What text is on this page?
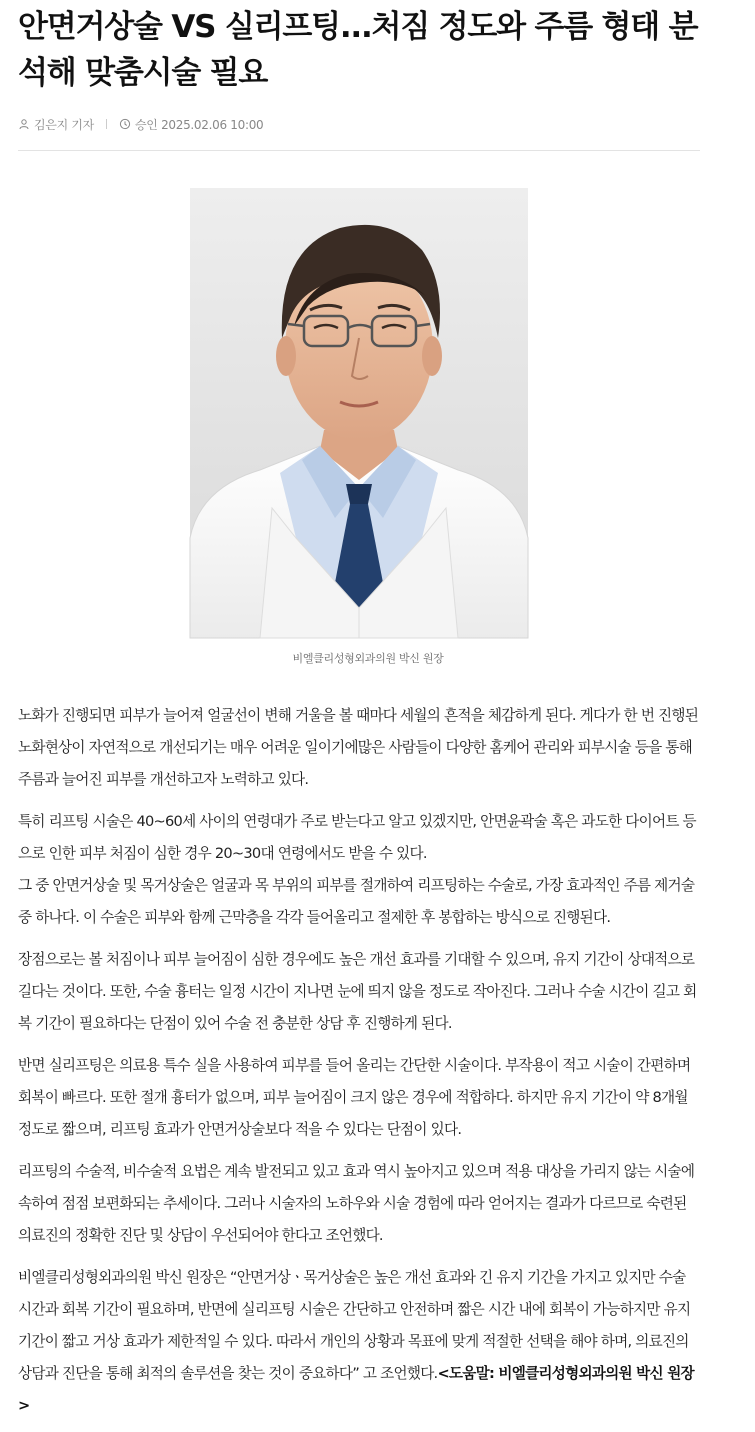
안면거상술 VS 실리프팅...처짐 정도와 주름 형태 분석해 맞춤시술 필요
김은지 기자	승인 2025.02.06 10:00
비엘클리성형외과의원 박신 원장

노화가 진행되면 피부가 늘어져 얼굴선이 변해 거울을 볼 때마다 세월의 흔적을 체감하게 된다. 게다가 한 번 진행된 노화현상이 자연적으로 개선되기는 매우 어려운 일이기에많은 사람들이 다양한 홈케어 관리와 피부시술 등을 통해 주름과 늘어진 피부를 개선하고자 노력하고 있다.

특히 리프팅 시술은 40~60세 사이의 연령대가 주로 받는다고 알고 있겠지만, 안면윤곽술 혹은 과도한 다이어트 등으로 인한 피부 처짐이 심한 경우 20~30대 연령에서도 받을 수 있다.

그 중 안면거상술 및 목거상술은 얼굴과 목 부위의 피부를 절개하여 리프팅하는 수술로, 가장 효과적인 주름 제거술 중 하나다. 이 수술은 피부와 함께 근막층을 각각 들어올리고 절제한 후 봉합하는 방식으로 진행된다.

장점으로는 볼 처짐이나 피부 늘어짐이 심한 경우에도 높은 개선 효과를 기대할 수 있으며, 유지 기간이 상대적으로 길다는 것이다. 또한, 수술 흉터는 일정 시간이 지나면 눈에 띄지 않을 정도로 작아진다. 그러나 수술 시간이 길고 회복 기간이 필요하다는 단점이 있어 수술 전 충분한 상담 후 진행하게 된다.

반면 실리프팅은 의료용 특수 실을 사용하여 피부를 들어 올리는 간단한 시술이다. 부작용이 적고 시술이 간편하며 회복이 빠르다. 또한 절개 흉터가 없으며, 피부 늘어짐이 크지 않은 경우에 적합하다. 하지만 유지 기간이 약 8개월 정도로 짧으며, 리프팅 효과가 안면거상술보다 적을 수 있다는 단점이 있다.

리프팅의 수술적, 비수술적 요법은 계속 발전되고 있고 효과 역시 높아지고 있으며 적용 대상을 가리지 않는 시술에 속하여 점점 보편화되는 추세이다. 그러나 시술자의 노하우와 시술 경험에 따라 얻어지는 결과가 다르므로 숙련된 의료진의 정확한 진단 및 상담이 우선되어야 한다고 조언했다.

비엘클리성형외과의원 박신 원장은 “안면거상ㆍ목거상술은 높은 개선 효과와 긴 유지 기간을 가지고 있지만 수술 시간과 회복 기간이 필요하며, 반면에 실리프팅 시술은 간단하고 안전하며 짧은 시간 내에 회복이 가능하지만 유지 기간이 짧고 거상 효과가 제한적일 수 있다. 따라서 개인의 상황과 목표에 맞게 적절한 선택을 해야 하며, 의료진의 상담과 진단을 통해 최적의 솔루션을 찾는 것이 중요하다” 고 조언했다.<도움말: 비엘클리성형외과의원 박신 원장>
